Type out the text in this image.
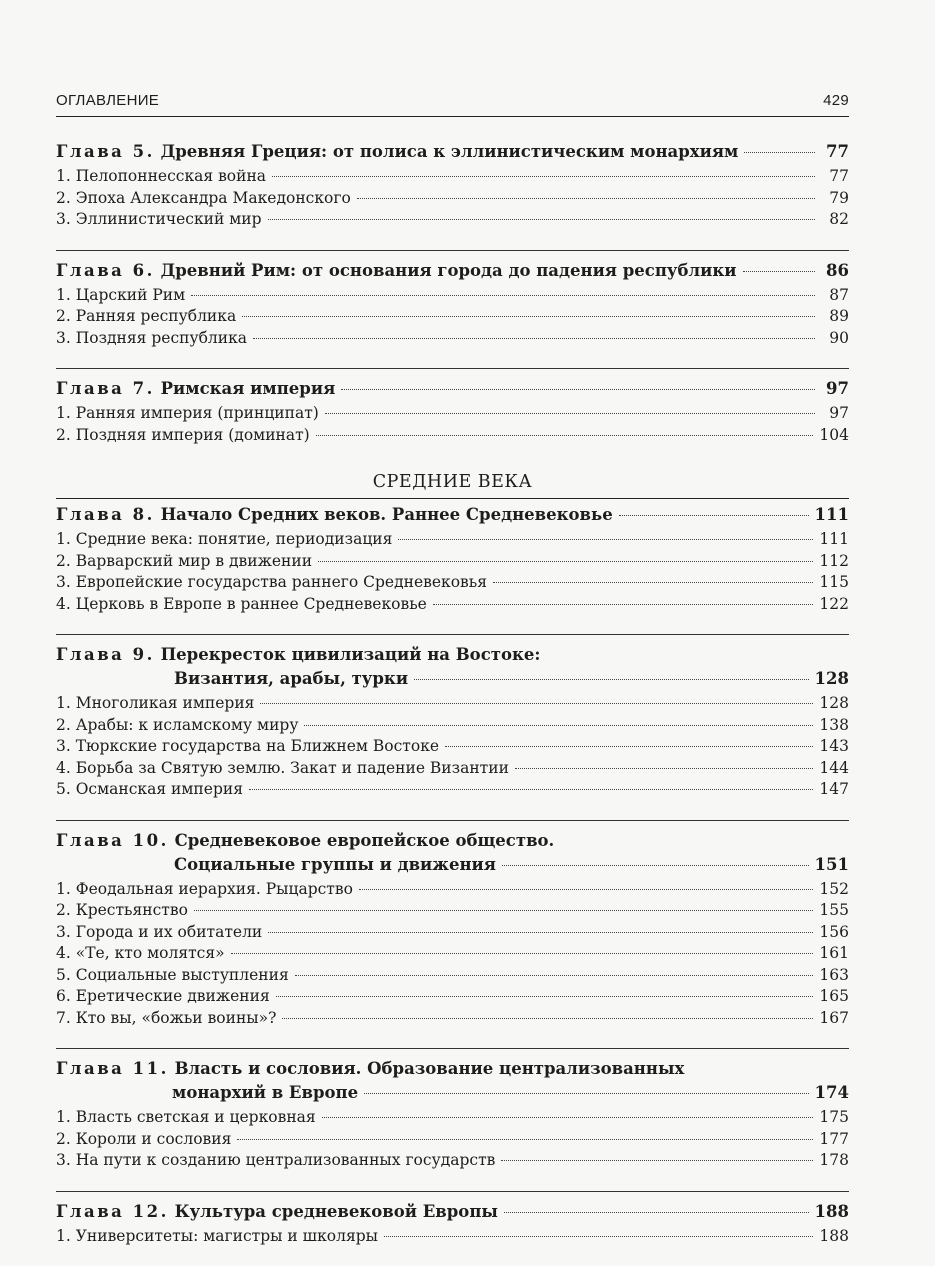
ОГЛАВЛЕНИЕ	429
Глава 5. Древняя Греция: от полиса к эллинистическим монархиям	77
1. Пелопоннесская война	77
2. Эпоха Александра Македонского	79
3. Эллинистический мир	82
Глава 6. Древний Рим: от основания города до падения республики	86
1. Царский Рим	87
2. Ранняя республика	89
3. Поздняя республика	90
Глава 7. Римская империя	97
1. Ранняя империя (принципат)	97
2. Поздняя империя (доминат)	104
СРЕДНИЕ ВЕКА
Глава 8. Начало Средних веков. Раннее Средневековье	111
1. Средние века: понятие, периодизация	111
2. Варварский мир в движении	112
3. Европейские государства раннего Средневековья	115
4. Церковь в Европе в раннее Средневековье	122
Глава 9. Перекресток цивилизаций на Востоке:
Византия, арабы, турки	128
1. Многоликая империя	128
2. Арабы: к исламскому миру	138
3. Тюркские государства на Ближнем Востоке	143
4. Борьба за Святую землю. Закат и падение Византии	144
5. Османская империя	147
Глава 10. Средневековое европейское общество.
Социальные группы и движения	151
1. Феодальная иерархия. Рыцарство	152
2. Крестьянство	155
3. Города и их обитатели	156
4. «Те, кто молятся»	161
5. Социальные выступления	163
6. Еретические движения	165
7. Кто вы, «божьи воины»?	167
Глава 11. Власть и сословия. Образование централизованных
монархий в Европе	174
1. Власть светская и церковная	175
2. Короли и сословия	177
3. На пути к созданию централизованных государств	178
Глава 12. Культура средневековой Европы	188
1. Университеты: магистры и школяры	188
